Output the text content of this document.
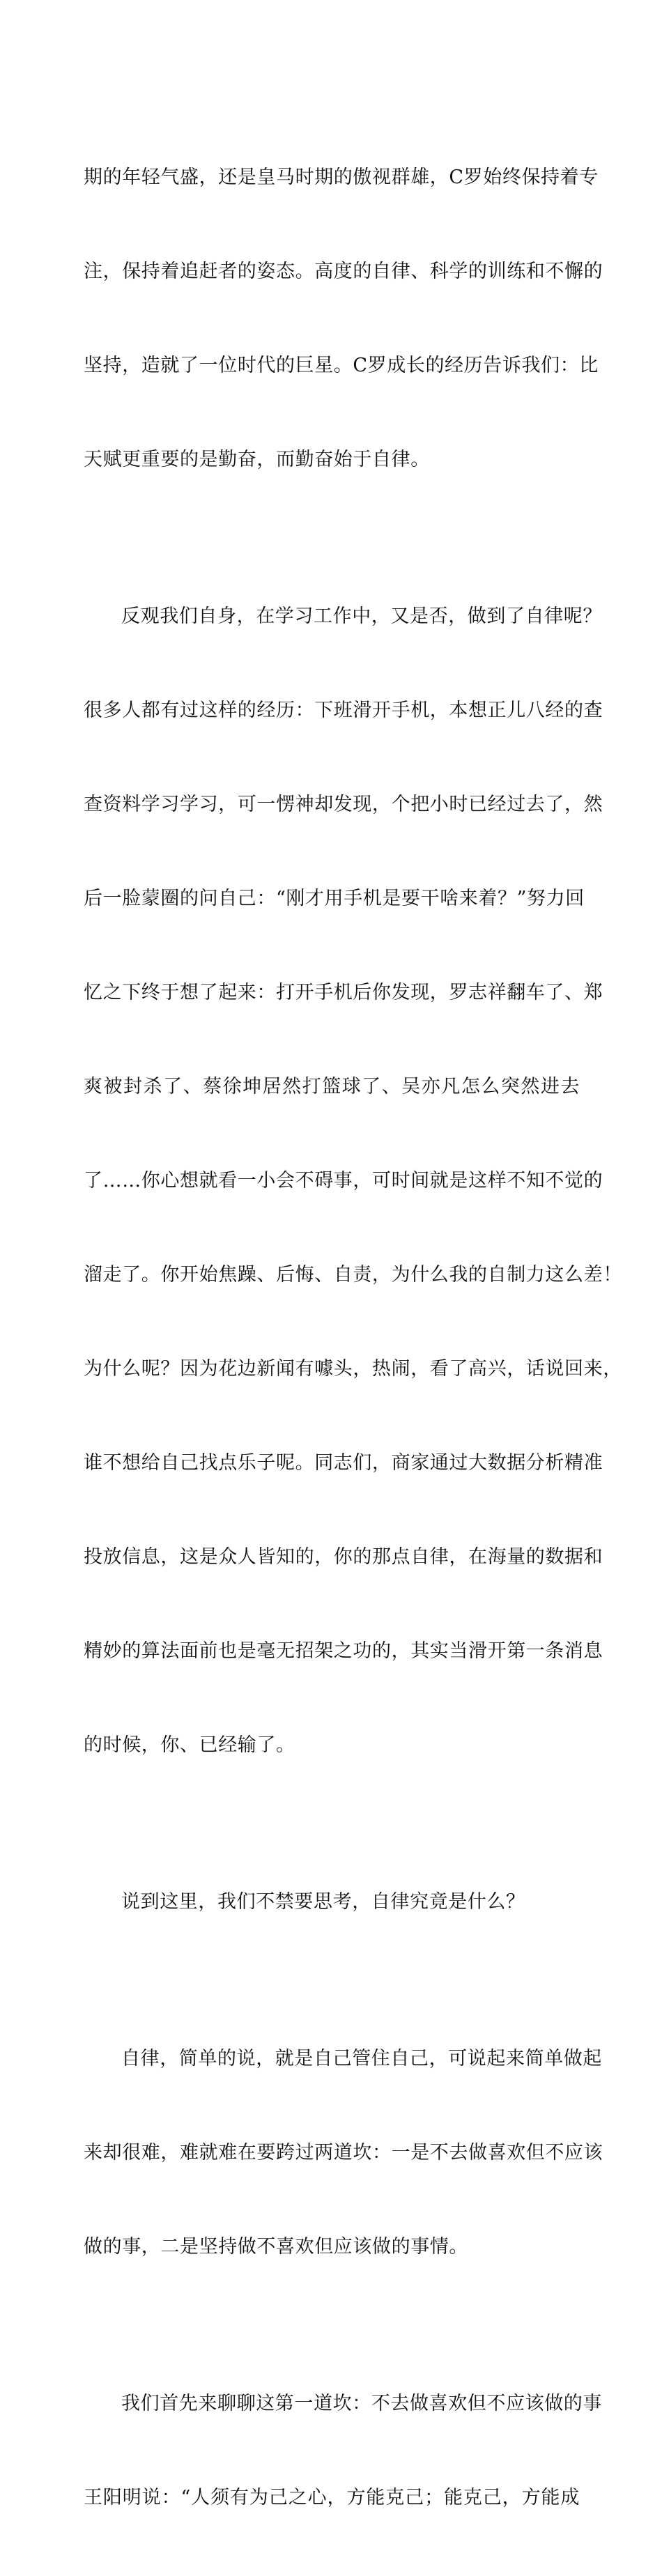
期的年轻气盛，还是皇马时期的傲视群雄，C罗始终保持着专

注，保持着追赶者的姿态。高度的自律、科学的训练和不懈的

坚持，造就了一位时代的巨星。C罗成长的经历告诉我们：比

天赋更重要的是勤奋，而勤奋始于自律。

反观我们自身，在学习工作中，又是否，做到了自律呢？

很多人都有过这样的经历：下班滑开手机，本想正儿八经的查

查资料学习学习，可一愣神却发现，个把小时已经过去了，然

后一脸蒙圈的问自己：“刚才用手机是要干啥来着？”努力回

忆之下终于想了起来：打开手机后你发现，罗志祥翻车了、郑

爽被封杀了、蔡徐坤居然打篮球了、吴亦凡怎么突然进去

了……你心想就看一小会不碍事，可时间就是这样不知不觉的

溜走了。你开始焦躁、后悔、自责，为什么我的自制力这么差！

为什么呢？因为花边新闻有噱头，热闹，看了高兴，话说回来，

谁不想给自己找点乐子呢。同志们，商家通过大数据分析精准

投放信息，这是众人皆知的，你的那点自律，在海量的数据和

精妙的算法面前也是毫无招架之功的，其实当滑开第一条消息

的时候，你、已经输了。

说到这里，我们不禁要思考，自律究竟是什么？

自律，简单的说，就是自己管住自己，可说起来简单做起

来却很难，难就难在要跨过两道坎：一是不去做喜欢但不应该

做的事，二是坚持做不喜欢但应该做的事情。

我们首先来聊聊这第一道坎：不去做喜欢但不应该做的事

王阳明说：“人须有为己之心，方能克己；能克己，方能成
